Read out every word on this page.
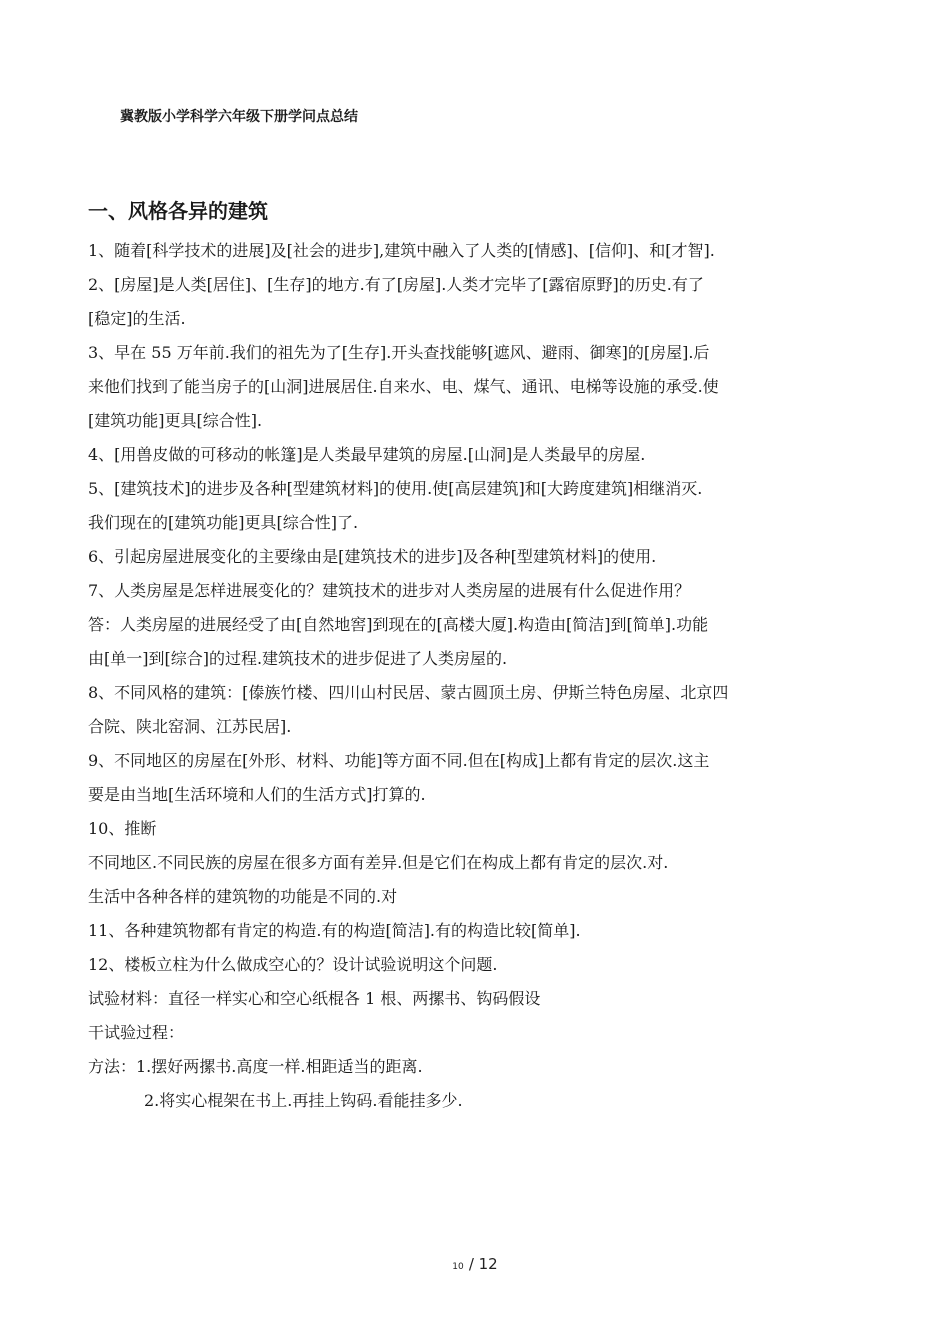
冀教版小学科学六年级下册学问点总结
一、风格各异的建筑

1、随着[科学技术的进展]及[社会的进步],建筑中融入了人类的[情感]、[信仰]、和[才智].

2、[房屋]是人类[居住]、[生存]的地方.有了[房屋].人类才完毕了[露宿原野]的历史.有了

[稳定]的生活.

3、早在 55 万年前.我们的祖先为了[生存].开头查找能够[遮风、避雨、御寒]的[房屋].后

来他们找到了能当房子的[山洞]进展居住.自来水、电、煤气、通讯、电梯等设施的承受.使

[建筑功能]更具[综合性].

4、[用兽皮做的可移动的帐篷]是人类最早建筑的房屋.[山洞]是人类最早的房屋.

5、[建筑技术]的进步及各种[型建筑材料]的使用.使[高层建筑]和[大跨度建筑]相继消灭.

我们现在的[建筑功能]更具[综合性]了.

6、引起房屋进展变化的主要缘由是[建筑技术的进步]及各种[型建筑材料]的使用.

7、人类房屋是怎样进展变化的？建筑技术的进步对人类房屋的进展有什么促进作用？

答：人类房屋的进展经受了由[自然地窖]到现在的[高楼大厦].构造由[简洁]到[简单].功能

由[单一]到[综合]的过程.建筑技术的进步促进了人类房屋的.

8、不同风格的建筑：[傣族竹楼、四川山村民居、蒙古圆顶土房、伊斯兰特色房屋、北京四

合院、陕北窑洞、江苏民居].

9、不同地区的房屋在[外形、材料、功能]等方面不同.但在[构成]上都有肯定的层次.这主

要是由当地[生活环境和人们的生活方式]打算的.

10、推断

不同地区.不同民族的房屋在很多方面有差异.但是它们在构成上都有肯定的层次.对.

生活中各种各样的建筑物的功能是不同的.对

11、各种建筑物都有肯定的构造.有的构造[简洁].有的构造比较[简单].

12、楼板立柱为什么做成空心的？设计试验说明这个问题.

试验材料：直径一样实心和空心纸棍各 1 根、两摞书、钩码假设

干试验过程：

方法：1.摆好两摞书.高度一样.相距适当的距离.

2.将实心棍架在书上.再挂上钩码.看能挂多少.

10 / 12
